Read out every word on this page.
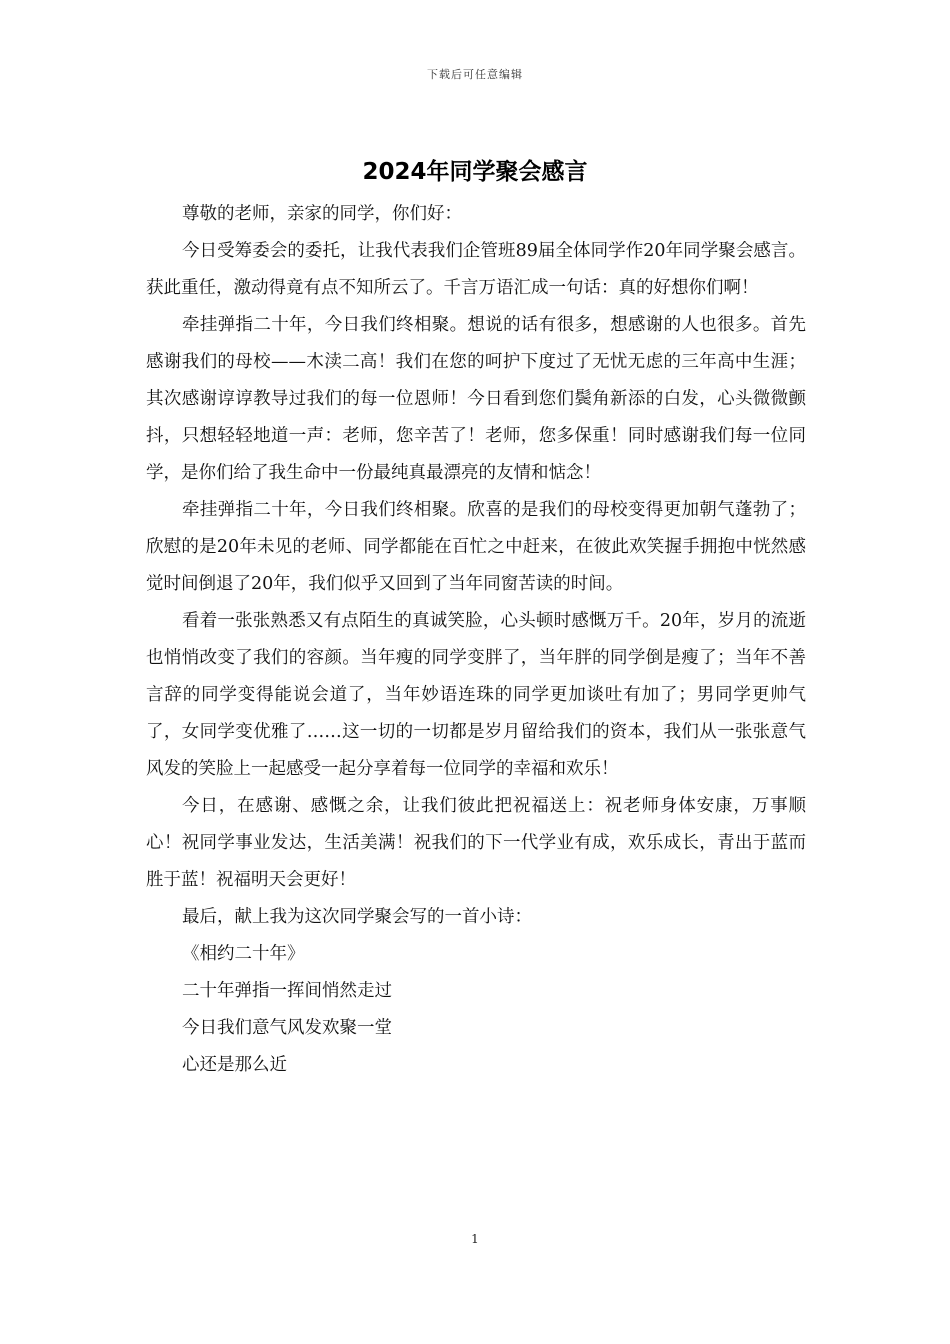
下载后可任意编辑
2024年同学聚会感言

尊敬的老师，亲家的同学，你们好：

今日受筹委会的委托，让我代表我们企管班89届全体同学作20年同学聚会感言。获此重任，激动得竟有点不知所云了。千言万语汇成一句话：真的好想你们啊！

牵挂弹指二十年，今日我们终相聚。想说的话有很多，想感谢的人也很多。首先感谢我们的母校——木渎二高！我们在您的呵护下度过了无忧无虑的三年高中生涯；其次感谢谆谆教导过我们的每一位恩师！今日看到您们鬓角新添的白发，心头微微颤抖，只想轻轻地道一声：老师，您辛苦了！老师，您多保重！同时感谢我们每一位同学，是你们给了我生命中一份最纯真最漂亮的友情和惦念！

牵挂弹指二十年，今日我们终相聚。欣喜的是我们的母校变得更加朝气蓬勃了；欣慰的是20年未见的老师、同学都能在百忙之中赶来，在彼此欢笑握手拥抱中恍然感觉时间倒退了20年，我们似乎又回到了当年同窗苦读的时间。

看着一张张熟悉又有点陌生的真诚笑脸，心头顿时感慨万千。20年，岁月的流逝也悄悄改变了我们的容颜。当年瘦的同学变胖了，当年胖的同学倒是瘦了；当年不善言辞的同学变得能说会道了，当年妙语连珠的同学更加谈吐有加了；男同学更帅气了，女同学变优雅了……这一切的一切都是岁月留给我们的资本，我们从一张张意气风发的笑脸上一起感受一起分享着每一位同学的幸福和欢乐！

今日，在感谢、感慨之余，让我们彼此把祝福送上：祝老师身体安康，万事顺心！祝同学事业发达，生活美满！祝我们的下一代学业有成，欢乐成长，青出于蓝而胜于蓝！祝福明天会更好！

最后，献上我为这次同学聚会写的一首小诗：

《相约二十年》

二十年弹指一挥间悄然走过

今日我们意气风发欢聚一堂

心还是那么近

1
